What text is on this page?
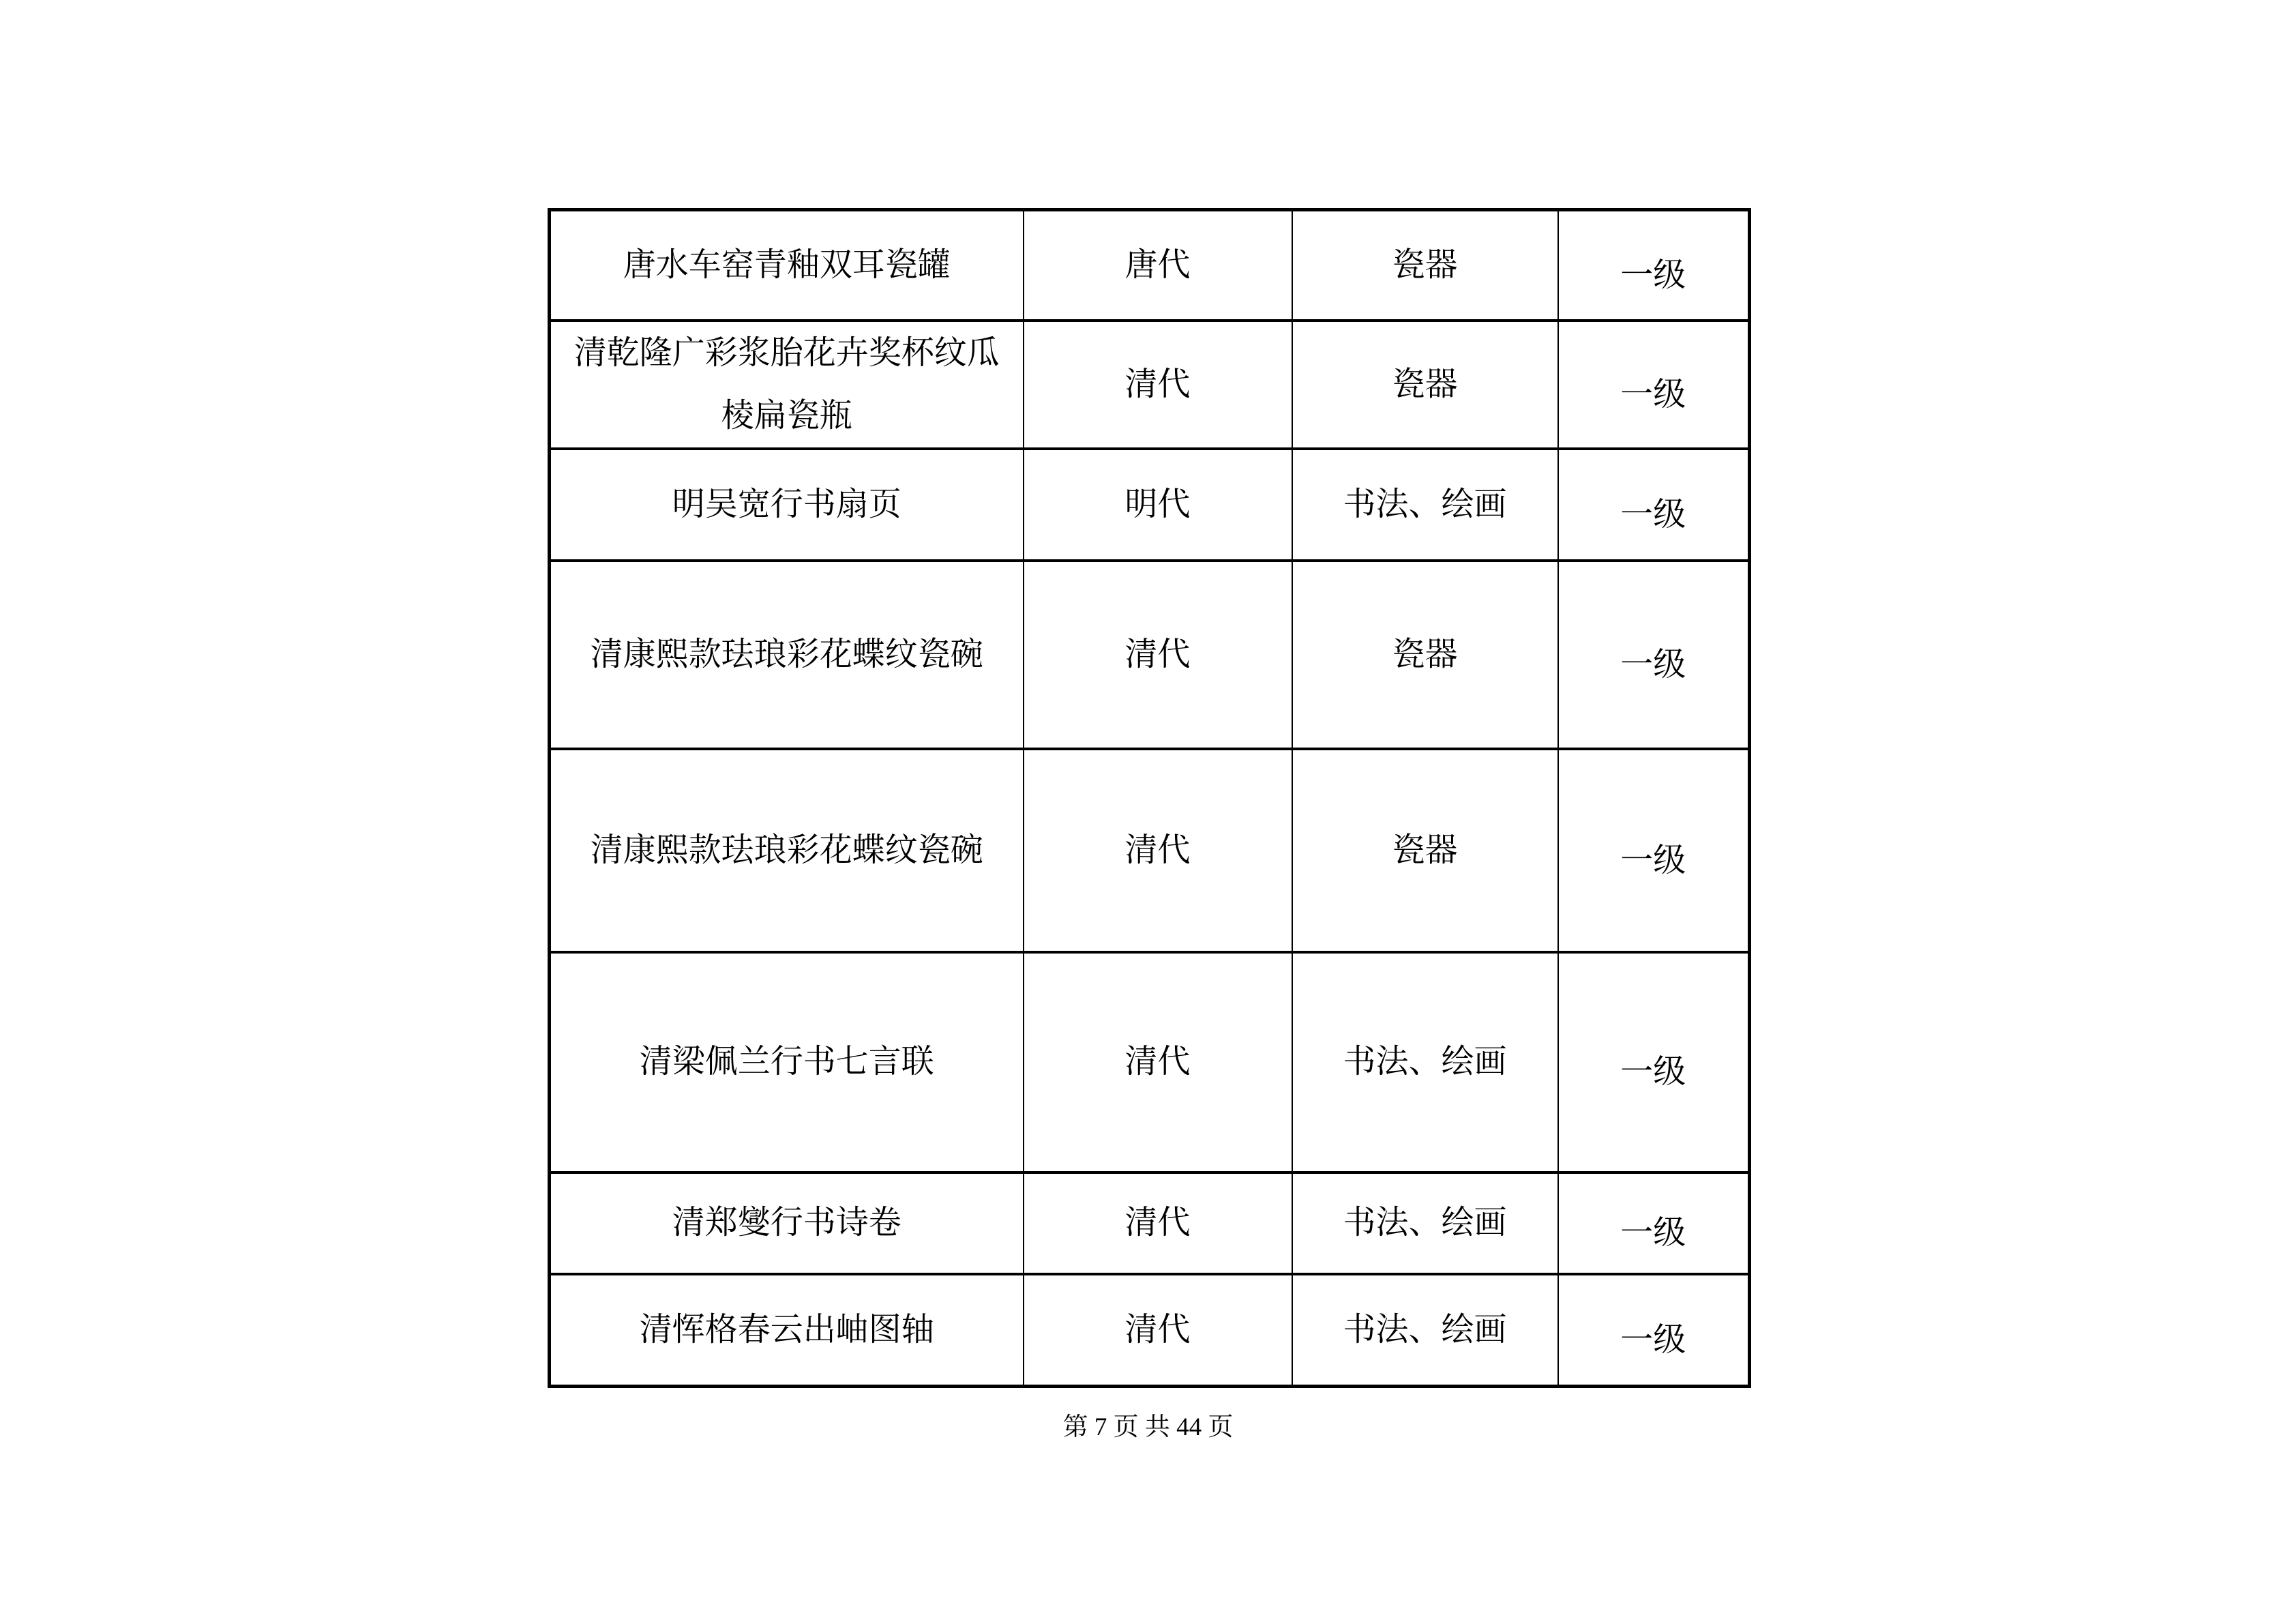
唐水车窑青釉双耳瓷罐	唐代	瓷器	一级
清乾隆广彩浆胎花卉奖杯纹瓜棱扁瓷瓶	清代	瓷器	一级
明吴宽行书扇页	明代	书法、绘画	一级
清康熙款珐琅彩花蝶纹瓷碗	清代	瓷器	一级
清康熙款珐琅彩花蝶纹瓷碗	清代	瓷器	一级
清梁佩兰行书七言联	清代	书法、绘画	一级
清郑燮行书诗卷	清代	书法、绘画	一级
清恽格春云出岫图轴	清代	书法、绘画	一级
第 7 页 共 44 页
